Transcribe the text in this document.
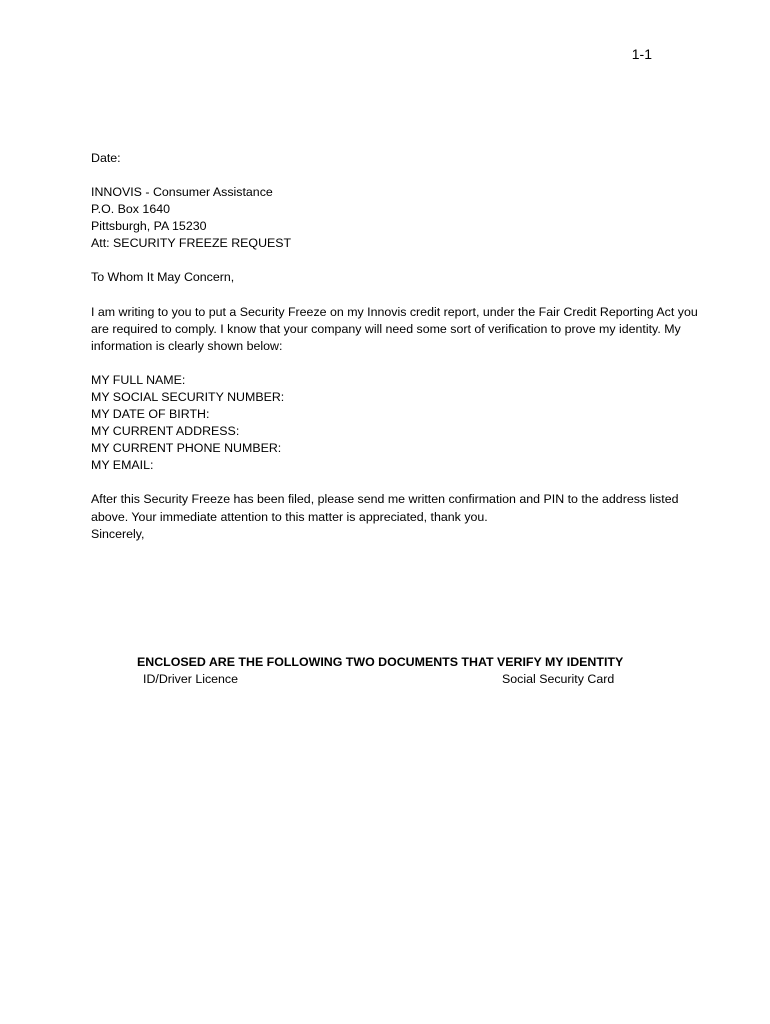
1-1
Date:
INNOVIS - Consumer Assistance
P.O. Box 1640
Pittsburgh, PA 15230
Att: SECURITY FREEZE REQUEST
To Whom It May Concern,
I am writing to you to put a Security Freeze on my Innovis credit report, under the Fair Credit Reporting Act you are required to comply. I know that your company will need some sort of verification to prove my identity. My information is clearly shown below:
MY FULL NAME:
MY SOCIAL SECURITY NUMBER:
MY DATE OF BIRTH:
MY CURRENT ADDRESS:
MY CURRENT PHONE NUMBER:
MY EMAIL:
After this Security Freeze has been filed, please send me written confirmation and PIN to the address listed above. Your immediate attention to this matter is appreciated, thank you.
Sincerely,
ENCLOSED ARE THE FOLLOWING TWO DOCUMENTS THAT VERIFY MY IDENTITY
ID/Driver Licence	Social Security Card
